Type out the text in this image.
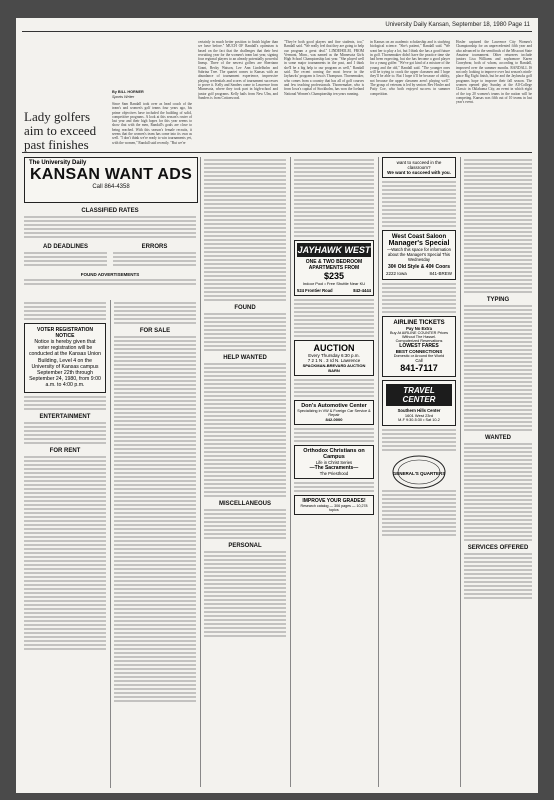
University Daily Kansan, September 18, 1980 Page 11
Lady golfers aim to exceed past finishes
By BILL HORNER
Sports Writer
Since Sam Randall took over as head coach of the team's and women's golf teams four years ago, his prime objectives have included the building of solid, competitive programs. A look at this season's roster of last year and their high hopes for this year seems to show that with the men, Randall's goals are close to being reached. With this season's female recruits, it seems that the women's team has come into its own as well. "I don't think we're ready to win tournaments yet, with the women," Randall said recently. "But we're
certainly in much better position to finish higher than we have before." MUCH OF Randall's optimism is based on the fact that the challenges that their best recruiting year for the women's team last year, signing four regional players to an already potentially powerful lineup. Three of the newest golfers are Sherriann Grant, Becky Watson, Lee Ann Lindelholm and Sabrina Tree. The quartet comes to Kansas with an abundance of tournament experience, impressive playing credentials and scores of tournament successes to prove it. Kelly and Sanders come to Lawrence from Minnesota, where they took part in high-school and junior golf programs. Kelly hails from New Ulm, and Sanders is from Cottonwood.
"They're both good players and fine students, too," Randall said. "We really feel that they are going to help our program a great deal." LINDEHOLM, FROM Vermont, Minn., was named as the Minnesota Girls High School Championship last year. "She played well in some major tournaments in the past, and I think she'll be a big help to our program as well," Randall said. The recent coming the most fervor in the Jayhawks' program is Iowa's Thompson. Thornemaker, who comes from a country that has all of golf courses and few teaching professionals. Thornemaker, who is from Iowa's capital of Stockholm, has won the Iceland National Women's Championship ten years running.
in Kansas on an academic scholarship and is studying biological science. "She's patient," Randall said. "We want her to play a lot, but I think she has a good future in golf. Thornemaker didn't have the practice time she had been expecting, but she has become a good player for a young golfer. "We've got kind of a mixture of the young and the old," Randall said. "The younger ones will be trying to crack the upper classmen and I hope they'll be able to. But I hope it'll be because of ability, not because the upper classmen aren't playing well." The group of veterans is led by seniors Bev Hosler and Patty Coe, who both enjoyed success in summer competition.
Hosler captured the Lawrence City Women's Championship for an unprecedented fifth year and also advanced to the semifinals of the Missouri State Amateur tournament. Other returnees include juniors Lisa Williams and sophomore Karen Coneybear, both of whom, according to Randall, improved over the summer months. RANDALL IS not only looking to improve over last season's ninth-place Big Eight finish, but he and the Jayhawks golf programs hope to improve their fall season. The women opened play Sunday at the All-College Classic in Oklahoma City, an event in which eight of the top 20 women's teams in the nation will be competing. Kansas was fifth out of 10 teams in last year's event.
The University Daily
KANSAN WANT ADS
Call 864-4358
CLASSIFIED RATES
AD DEADLINES	ERRORS
FOUND ADVERTISEMENTS
VOTER REGISTRATION NOTICE
Notice is hereby given that voter registration will be conducted at the Kansas Union Building, Level 4 on the University of Kansas campus September 22th through September 24, 1980, from 9:00 a.m. to 4:00 p.m.
ENTERTAINMENT
FOR RENT
FOR SALE
FOUND
HELP WANTED
MISCELLANEOUS
PERSONAL
JAYHAWK WEST
ONE & TWO BEDROOM APARTMENTS FROM
$235
Indoor Pool • Free Shuttle Near KU
524 Frontier Road	842-4444
AUCTION
Every Thursday 6:30 p.m.
7 2 1 N . 3 rd N. Lawrence
SPACKMAN-BREVARD AUCTION BARN
Don's Automotive Center
Specializing in VW & Foreign Car Service & Repair
842-0000
Orthodox Christians on Campus
Life in Christ Series
—The Sacraments—
The Priesthood
IMPROVE YOUR GRADES!
Research catalog — 306 pages — 10,278 topics
want to succeed in the classroom?
We want to succeed with you.
West Coast Saloon
Manager's Special
—Watch this space for information about the Manager's Special This Wednesday
30¢ Old Style & 40¢ Coors
2222 Iowa	841-BREW
AIRLINE TICKETS
Pay No Extra
Buy At AIRLINE COUNTER Prices Without The Hassel.
Computerized Reservations
LOWEST FARES
BEST CONNECTIONS
Domestic or Around the World
Call
841-7117
TRAVEL CENTER
Southern Hills Center
1601 West 23rd
M-F 9:30-5:30 • Sat 10-2
GENERAL'S QUARTERS
TYPING
WANTED
SERVICES OFFERED
